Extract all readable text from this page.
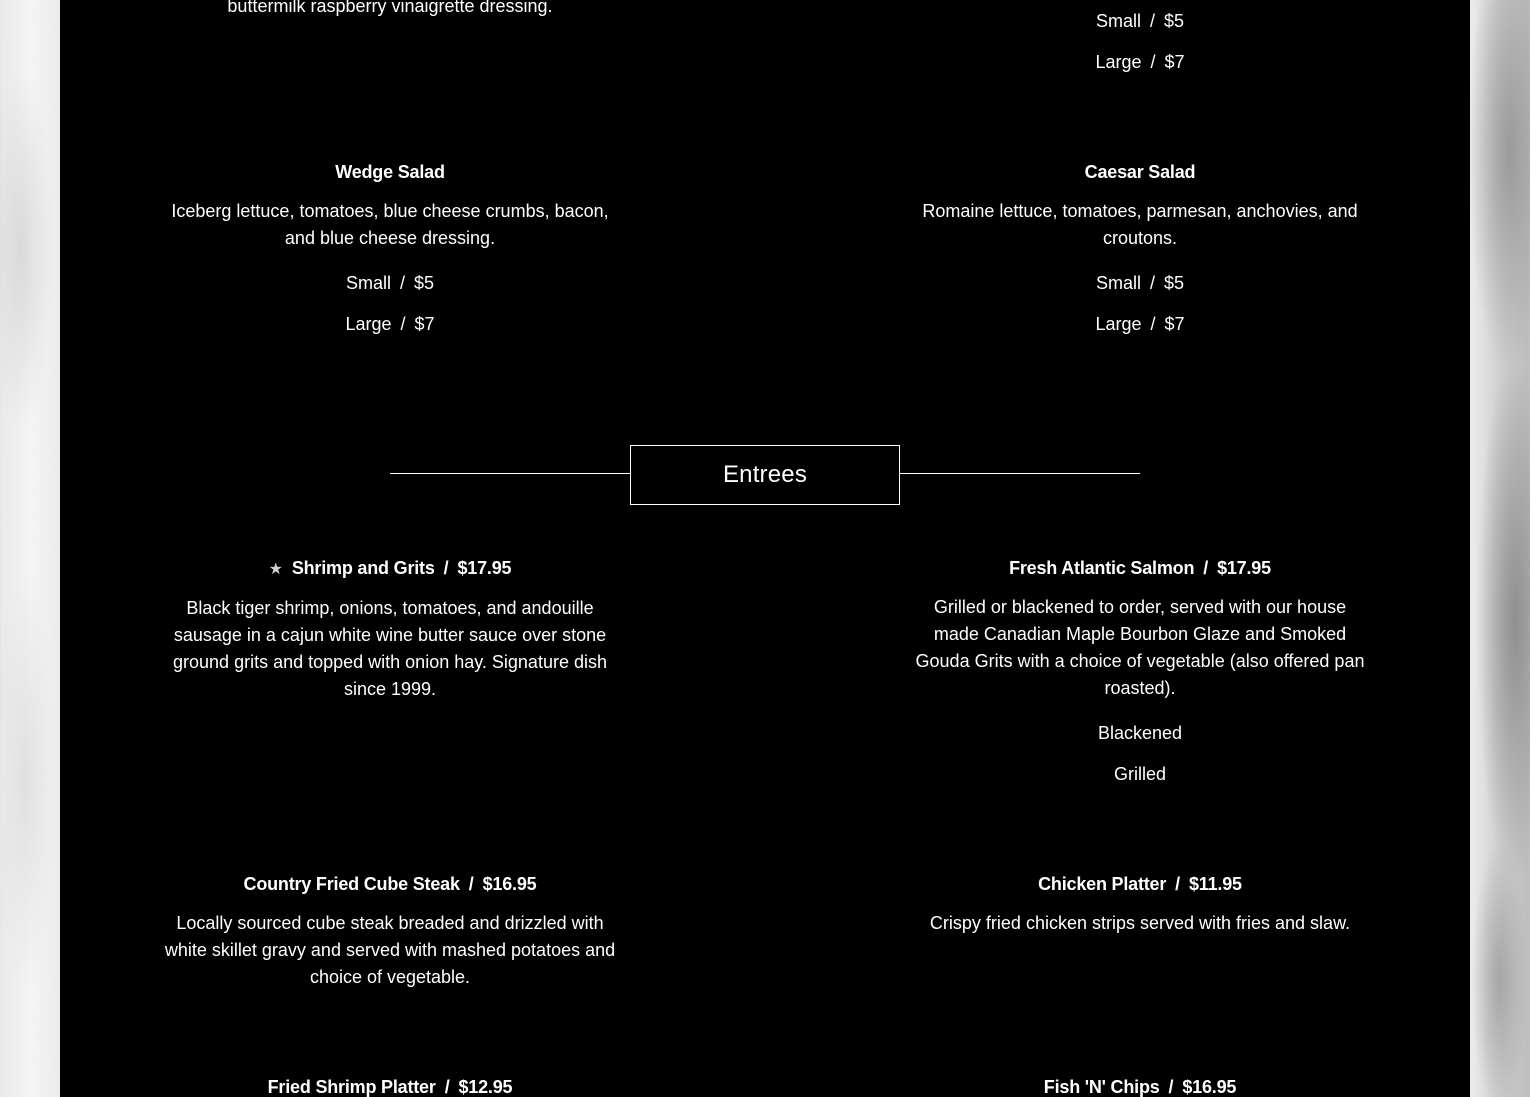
buttermilk raspberry vinaigrette dressing.

Small / $5

Large / $7

Wedge Salad

Iceberg lettuce, tomatoes, blue cheese crumbs, bacon, and blue cheese dressing.

Small / $5

Large / $7

Caesar Salad

Romaine lettuce, tomatoes, parmesan, anchovies, and croutons.

Small / $5

Large / $7

Entrees

★ Shrimp and Grits / $17.95

Black tiger shrimp, onions, tomatoes, and andouille sausage in a cajun white wine butter sauce over stone ground grits and topped with onion hay. Signature dish since 1999.

Fresh Atlantic Salmon / $17.95

Grilled or blackened to order, served with our house made Canadian Maple Bourbon Glaze and Smoked Gouda Grits with a choice of vegetable (also offered pan roasted).

Blackened

Grilled

Country Fried Cube Steak / $16.95

Locally sourced cube steak breaded and drizzled with white skillet gravy and served with mashed potatoes and choice of vegetable.

Chicken Platter / $11.95

Crispy fried chicken strips served with fries and slaw.

Fried Shrimp Platter / $12.95	Fish 'N' Chips / $16.95
